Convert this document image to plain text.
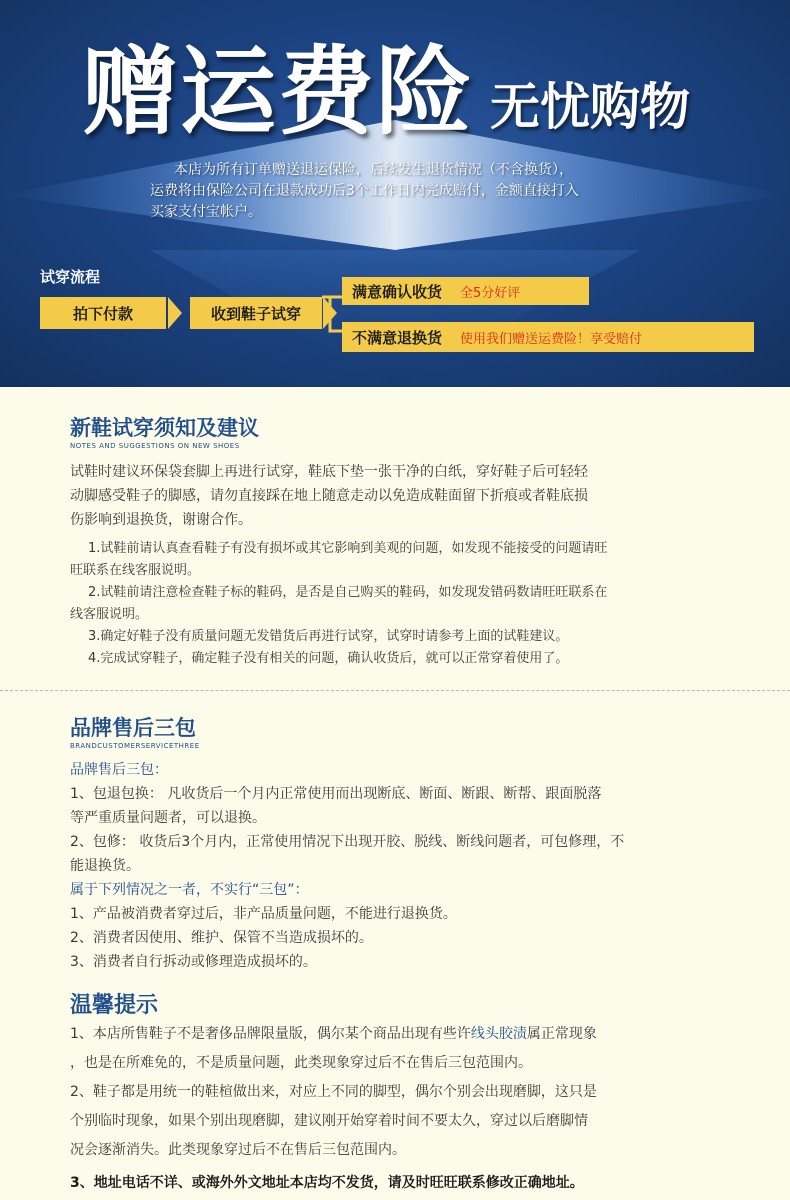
赠运费险 无忧购物

本店为所有订单赠送退运保险，后续发生退货情况（不含换货），

运费将由保险公司在退款成功后3个工作日内完成赔付，金额直接打入

买家支付宝帐户。

试穿流程
拍下付款	收到鞋子试穿
满意确认收货 全5分好评
不满意退换货 使用我们赠送运费险！享受赔付
新鞋试穿须知及建议
NOTES AND SUGGESTIONS ON NEW SHOES
试鞋时建议环保袋套脚上再进行试穿，鞋底下垫一张干净的白纸，穿好鞋子后可轻轻
动脚感受鞋子的脚感，请勿直接踩在地上随意走动以免造成鞋面留下折痕或者鞋底损
伤影响到退换货，谢谢合作。
1.试鞋前请认真查看鞋子有没有损坏或其它影响到美观的问题，如发现不能接受的问题请旺
旺联系在线客服说明。
2.试鞋前请注意检查鞋子标的鞋码，是否是自己购买的鞋码，如发现发错码数请旺旺联系在
线客服说明。
3.确定好鞋子没有质量问题无发错货后再进行试穿，试穿时请参考上面的试鞋建议。
4.完成试穿鞋子，确定鞋子没有相关的问题，确认收货后，就可以正常穿着使用了。
品牌售后三包
BRANDCUSTOMERSERVICETHREE
品牌售后三包：
1、包退包换： 凡收货后一个月内正常使用而出现断底、断面、断跟、断帮、跟面脱落
等严重质量问题者，可以退换。
2、包修： 收货后3个月内，正常使用情况下出现开胶、脱线、断线问题者，可包修理，不
能退换货。
属于下列情况之一者，不实行“三包”：
1、产品被消费者穿过后，非产品质量问题，不能进行退换货。
2、消费者因使用、维护、保管不当造成损坏的。
3、消费者自行拆动或修理造成损坏的。
温馨提示
1、本店所售鞋子不是奢侈品牌限量版，偶尔某个商品出现有些许线头胶渍属正常现象
，也是在所难免的，不是质量问题，此类现象穿过后不在售后三包范围内。
2、鞋子都是用统一的鞋楦做出来，对应上不同的脚型，偶尔个别会出现磨脚，这只是
个别临时现象，如果个别出现磨脚，建议刚开始穿着时间不要太久，穿过以后磨脚情
况会逐渐消失。此类现象穿过后不在售后三包范围内。
3、地址电话不详、或海外外文地址本店均不发货，请及时旺旺联系修改正确地址。
